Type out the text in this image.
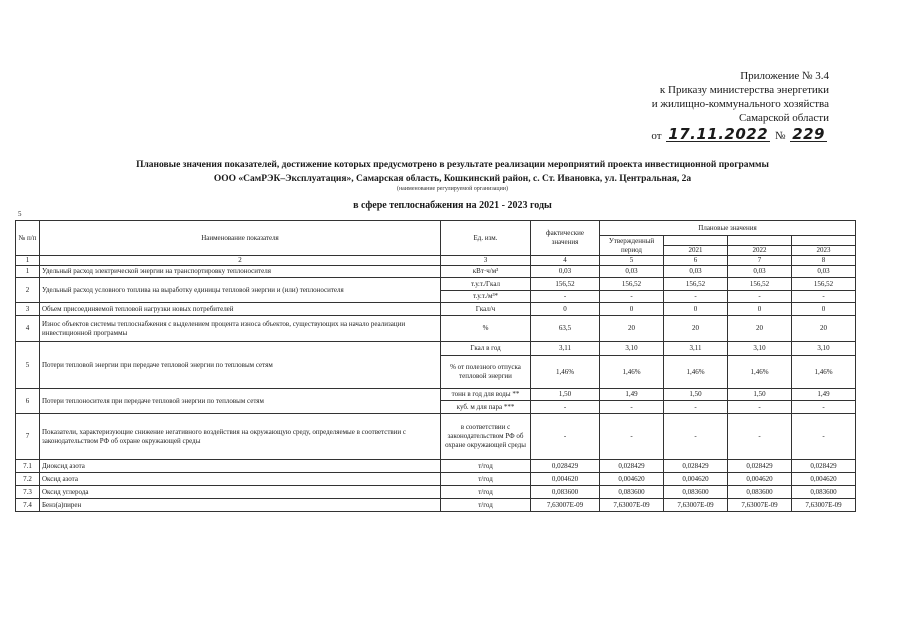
Приложение № 3.4
к Приказу министерства энергетики
и жилищно-коммунального хозяйства
Самарской области
от 17.11.2022 № 229
Плановые значения показателей, достижение которых предусмотрено в результате реализации мероприятий проекта инвестиционной программы
ООО «СамРЭК–Эксплуатация», Самарская область, Кошкинский район, с. Ст. Ивановка, ул. Центральная, 2а
(наименование регулируемой организации)
в сфере теплоснабжения на 2021 - 2023 годы
5
№ п/п	Наименование показателя	Ед. изм.	фактические значения	Плановые значения			
				Утвержденный период			
					2021	2022	2023
1	2	3	4	5	6	7	8
1	Удельный расход электрической энергии на транспортировку теплоносителя	кВт·ч/м³	0,03	0,03	0,03	0,03	0,03
2	Удельный расход условного топлива на выработку единицы тепловой энергии и (или) теплоносителя	т.у.т./Гкал	156,52	156,52	156,52	156,52	156,52
		т.у.т./м³*	-	-	-	-	-
3	Объем присоединяемой тепловой нагрузки новых потребителей	Гкал/ч	0	0	0	0	0
4	Износ объектов системы теплоснабжения с выделением процента износа объектов, существующих на начало реализации инвестиционной программы	%	63,5	20	20	20	20
5	Потери тепловой энергии при передаче тепловой энергии по тепловым сетям	Гкал в год	3,11	3,10	3,11	3,10	3,10
		% от полезного отпуска тепловой энергии	1,46%	1,46%	1,46%	1,46%	1,46%
6	Потери теплоносителя при передаче тепловой энергии по тепловым сетям	тонн в год для воды **	1,50	1,49	1,50	1,50	1,49
		куб. м для пара ***	-	-	-	-	-
7	Показатели, характеризующие снижение негативного воздействия на окружающую среду, определяемые в соответствии с законодательством РФ об охране окружающей среды	в соответствии с законодательством РФ об охране окружающей среды	-	-	-	-	-
7.1	Диоксид азота	т/год	0,028429	0,028429	0,028429	0,028429	0,028429
7.2	Оксид азота	т/год	0,004620	0,004620	0,004620	0,004620	0,004620
7.3	Оксид углерода	т/год	0,083600	0,083600	0,083600	0,083600	0,083600
7.4	Бенз(а)пирен	т/год	7,63007E-09	7,63007E-09	7,63007E-09	7,63007E-09	7,63007E-09
